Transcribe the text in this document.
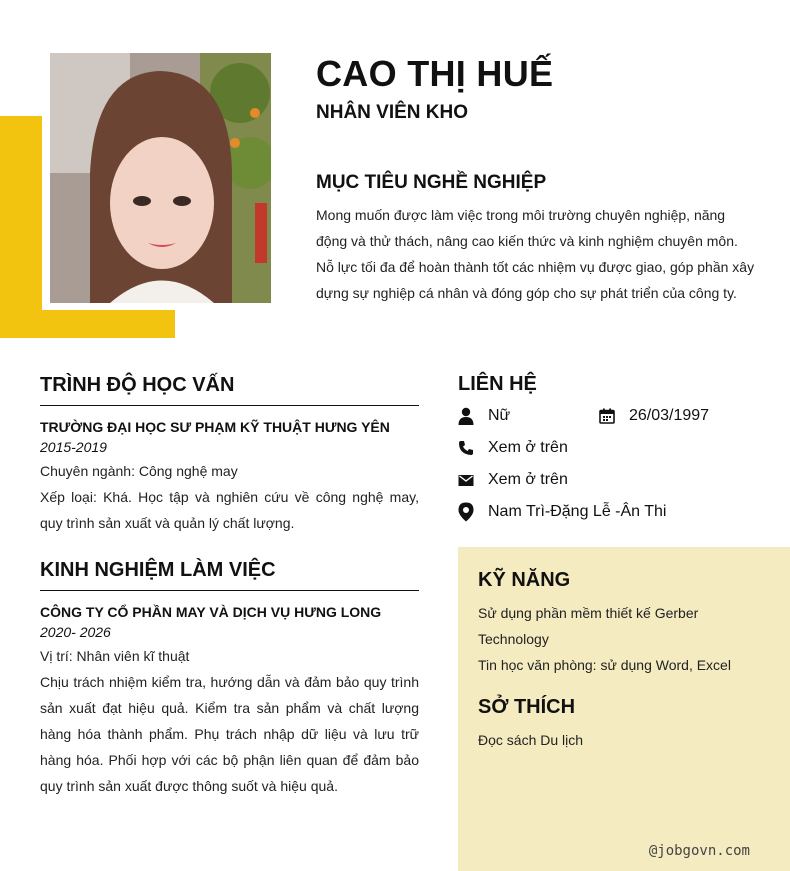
CAO THỊ HUẾ
NHÂN VIÊN KHO
MỤC TIÊU NGHỀ NGHIỆP
Mong muốn được làm việc trong môi trường chuyên nghiệp, năng động và thử thách, nâng cao kiến thức và kinh nghiệm chuyên môn. Nỗ lực tối đa để hoàn thành tốt các nhiệm vụ được giao, góp phần xây dựng sự nghiệp cá nhân và đóng góp cho sự phát triển của công ty.
TRÌNH ĐỘ HỌC VẤN
TRƯỜNG ĐẠI HỌC SƯ PHẠM KỸ THUẬT HƯNG YÊN
2015-2019
Chuyên ngành: Công nghệ may
Xếp loại: Khá. Học tập và nghiên cứu về công nghệ may, quy trình sản xuất và quản lý chất lượng.
KINH NGHIỆM LÀM VIỆC
CÔNG TY CỔ PHẦN MAY VÀ DỊCH VỤ HƯNG LONG
2020- 2026
Vị trí: Nhân viên kĩ thuật
Chịu trách nhiệm kiểm tra, hướng dẫn và đảm bảo quy trình sản xuất đạt hiệu quả. Kiểm tra sản phẩm và chất lượng hàng hóa thành phẩm. Phụ trách nhập dữ liệu và lưu trữ hàng hóa. Phối hợp với các bộ phận liên quan để đảm bảo quy trình sản xuất được thông suốt và hiệu quả.
LIÊN HỆ
Nữ	26/03/1997
Xem ở trên
Xem ở trên
Nam Trì-Đặng Lễ -Ân Thi
KỸ NĂNG
Sử dụng phần mềm thiết kế Gerber Technology
Tin học văn phòng: sử dụng Word, Excel
SỞ THÍCH
Đọc sách Du lịch
@jobgovn.com
